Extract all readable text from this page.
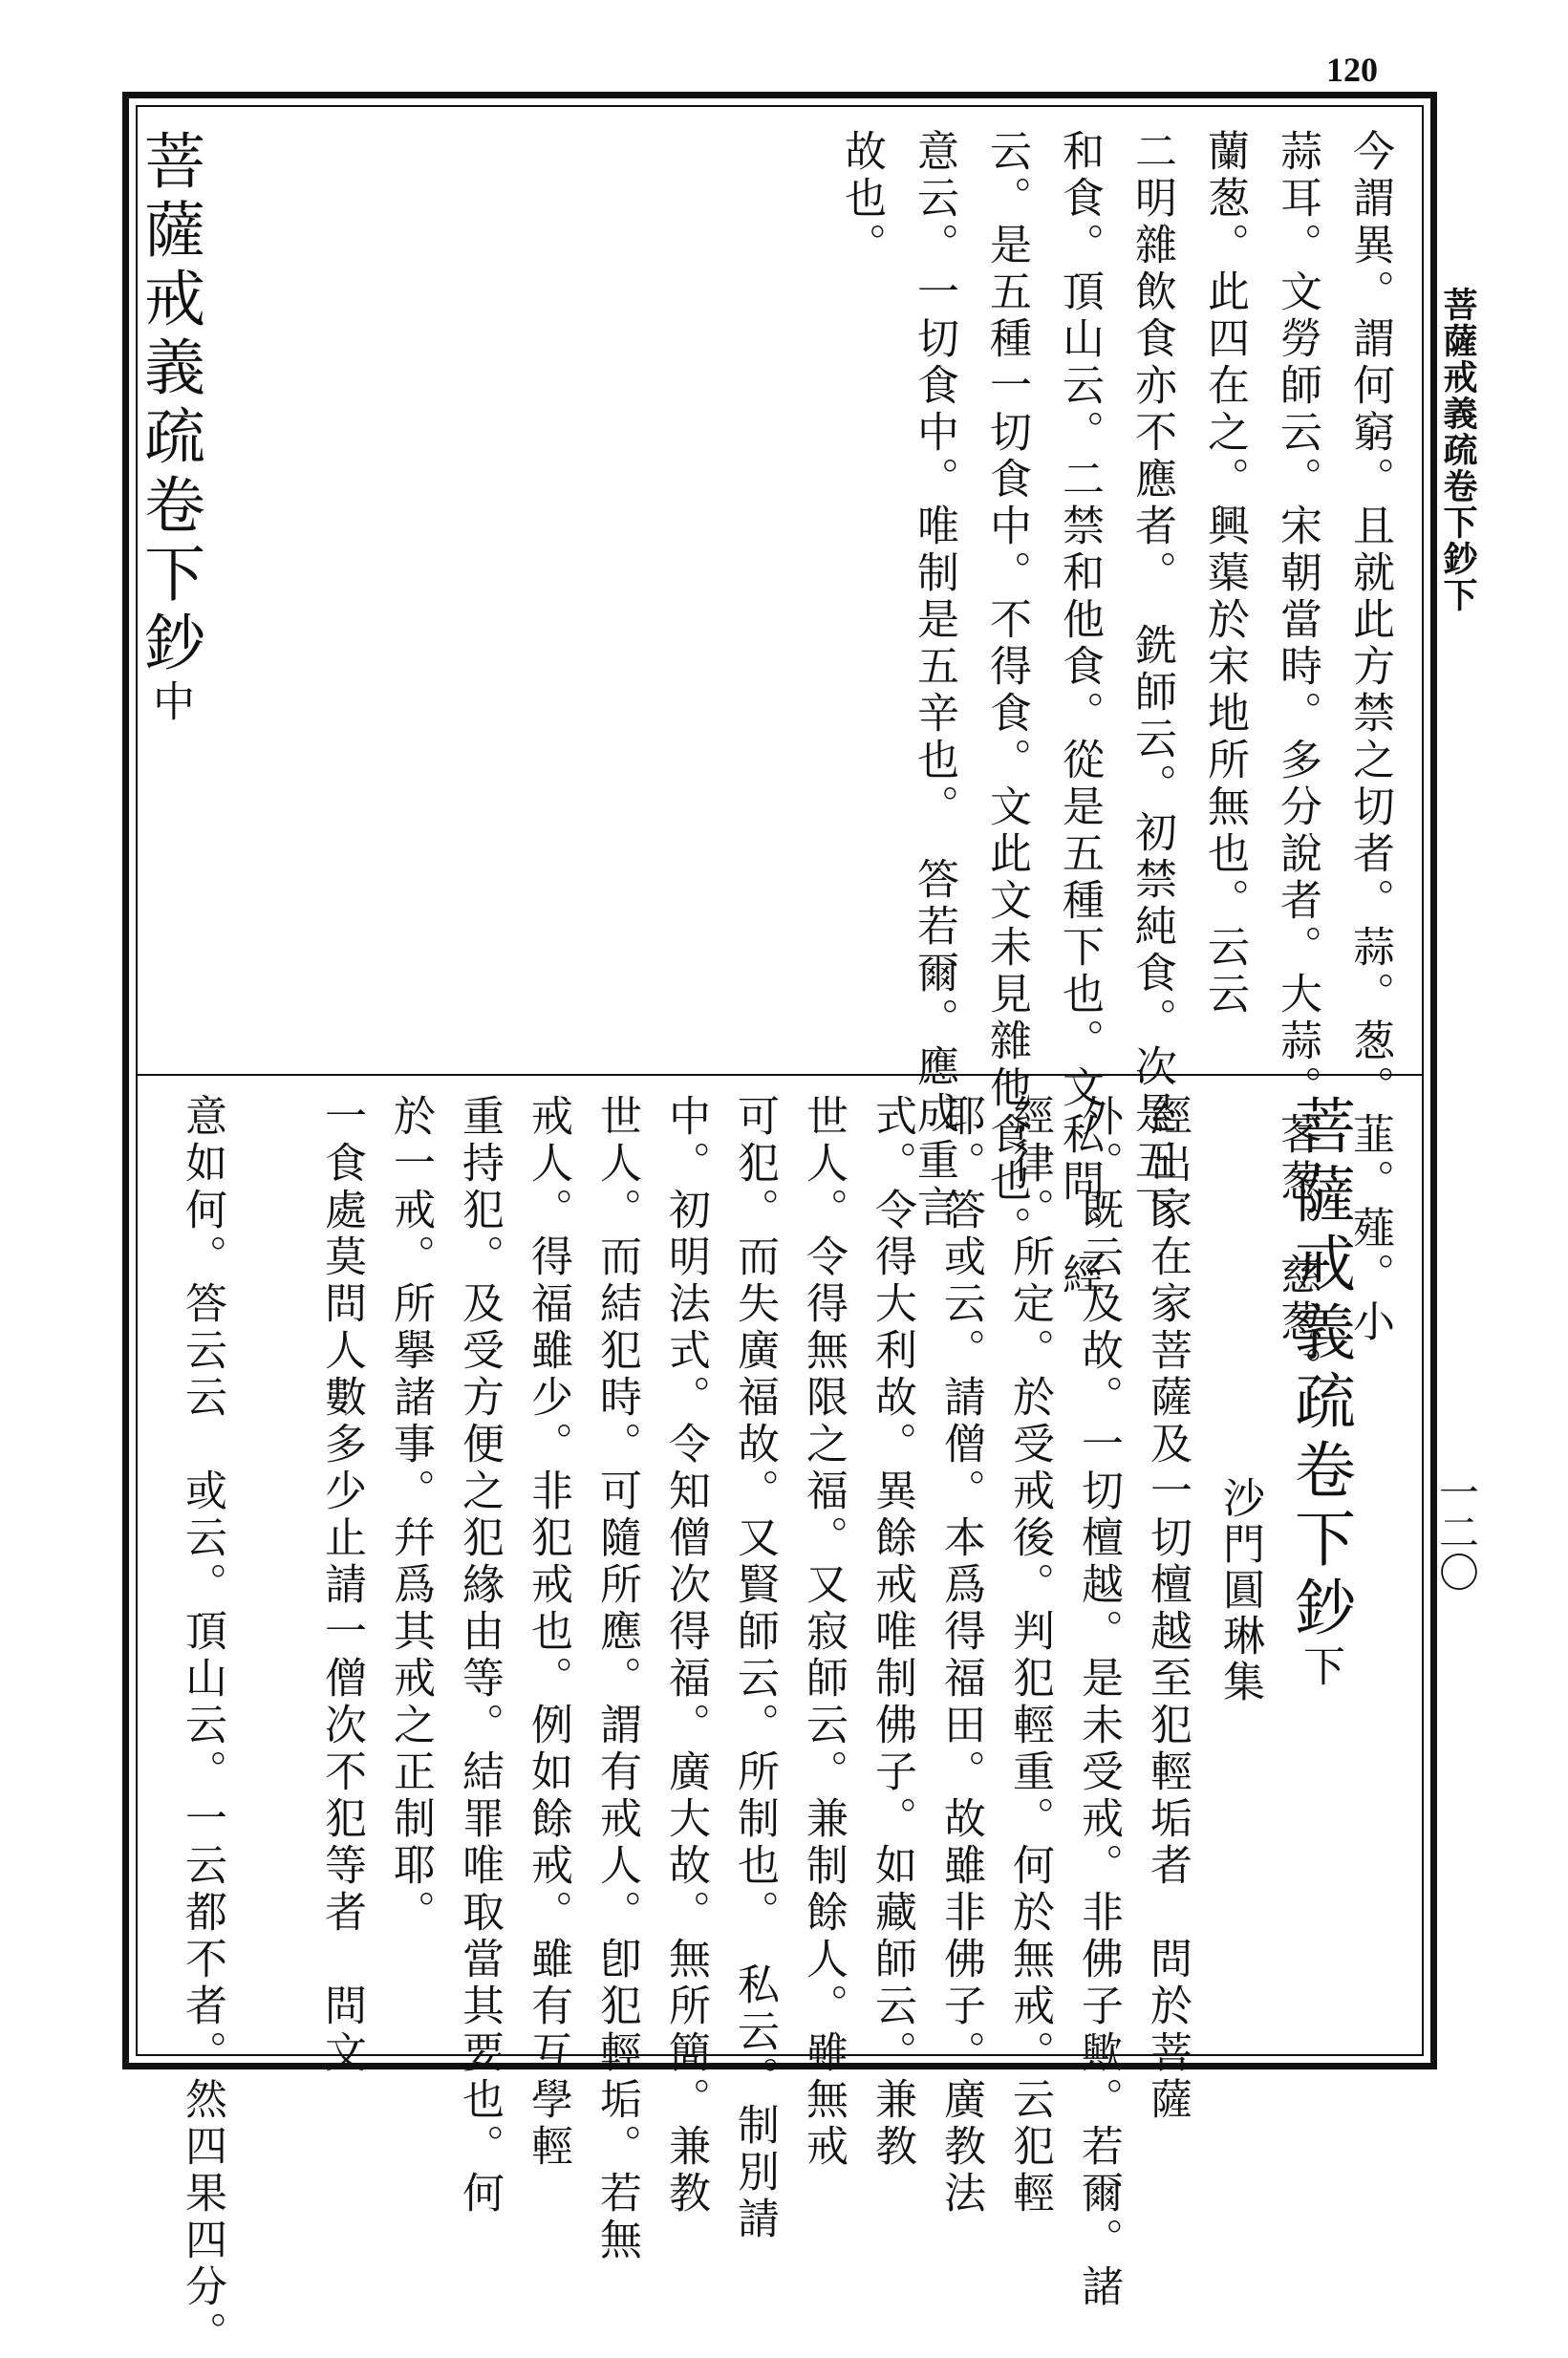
120
菩薩戒義疏卷下鈔下
一二〇
今謂異。謂何窮。且就此方禁之切者。蒜。葱。韮。薤。小
蒜耳。文勞師云。宋朝當時。多分說者。大蒜。茖葱。慈葱。
蘭葱。此四在之。興蕖於宋地所無也。云云
二明雜飲食亦不應者。　銑師云。初禁純食。次是五下
和食。頂山云。二禁和他食。從是五種下也。文私問。經
云。是五種一切食中。不得食。文此文未見雜他食也。
意云。一切食中。唯制是五辛也。　答若爾。應成重言
故也。
菩薩戒義疏卷下鈔中
菩薩戒義疏卷下鈔下
沙門圓琳集
經出家在家菩薩及一切檀越至犯輕垢者　問於菩薩
外。既云及故。一切檀越。是未受戒。非佛子歟。若爾。諸
經律。所定。於受戒後。判犯輕重。何於無戒。云犯輕
耶。答或云。請僧。本爲得福田。故雖非佛子。廣教法
式。令得大利故。異餘戒唯制佛子。如藏師云。兼教
世人。令得無限之福。又寂師云。兼制餘人。雖無戒
可犯。而失廣福故。又賢師云。所制也。　私云。制別請
中。初明法式。令知僧次得福。廣大故。無所簡。兼教
世人。而結犯時。可隨所應。謂有戒人。卽犯輕垢。若無
戒人。得福雖少。非犯戒也。例如餘戒。雖有互學輕
重持犯。及受方便之犯緣由等。結罪唯取當其要也。何
於一戒。所擧諸事。幷爲其戒之正制耶。
一食處莫問人數多少止請一僧次不犯等者　問文
意如何。答云云　或云。頂山云。一云都不者。然四果四分。
